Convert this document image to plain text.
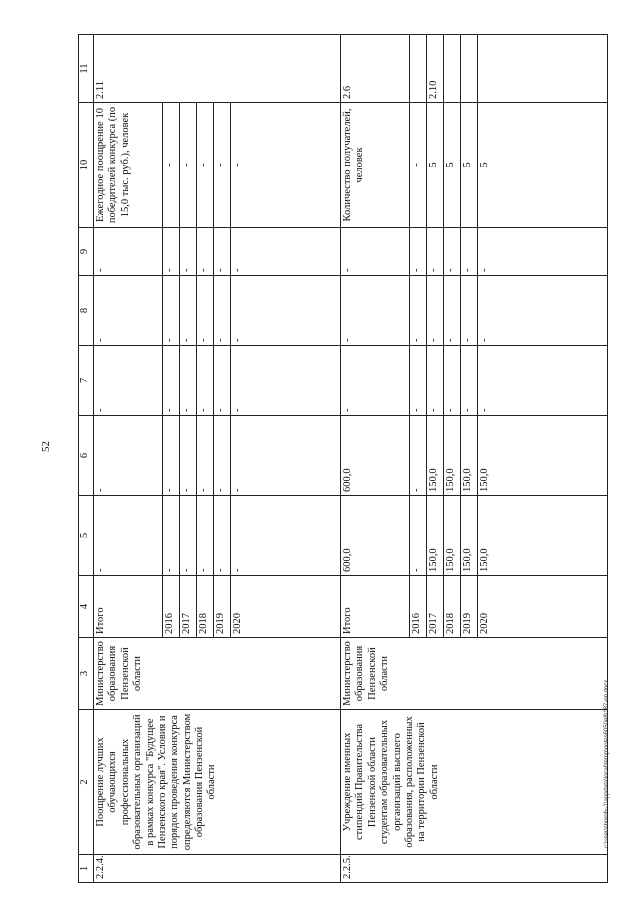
52
1	2	3	4	5	6	7	8	9	10	11
2.2.4.	Поощрение лучших обучающихся профессиональных образовательных организаций в рамках конкурса "Будущее Пензенского края". Условия и порядок проведения конкурса определяются Министерством образования Пензенской области	Министерство образования Пензенской области	Итого	-	-	-	-	-	Ежегодное поощрение 10 победителей конкурса (по 15,0 тыс. руб.), человек	2.11
			2016	-	-	-	-	-	-	
			2017	-	-	-	-	-	-	
			2018	-	-	-	-	-	-	
			2019	-	-	-	-	-	-	
			2020	-	-	-	-	-	-	
2.2.5.	Учреждение именных стипендий Правительства Пензенской области студентам образовательных организаций высшего образования, расположенных на территории Пензенской области	Министерство образования Пензенской области	Итого	600,0	600,0	-	-	-	Количество получателей, человек	2.6
			2016	-	-	-	-	-	-	
			2017	150,0	150,0	-	-	-	5	2.10
			2018	150,0	150,0	-	-	-	5	
			2019	150,0	150,0	-	-	-	5	
			2020	150,0	150,0	-	-	-	5	
c:\users\boroh~1\appdata\local\temp\notes6050e8\187-nn.docx
